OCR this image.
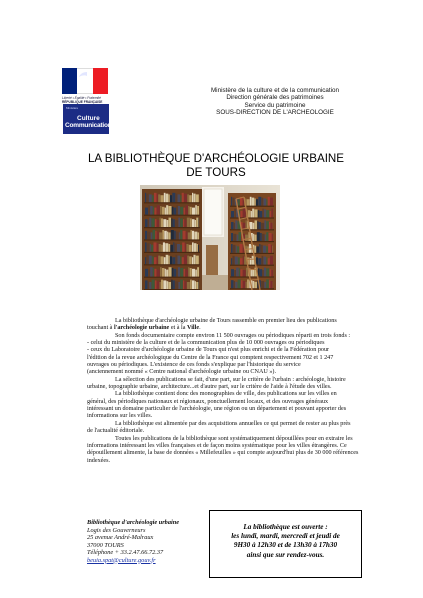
Liberté • Égalité • Fraternité
RÉPUBLIQUE FRANÇAISE
Ministère
Culture
Communication
Ministère de la culture et de la communication
Direction générale des patrimoines
Service du patrimoine
SOUS-DIRECTION DE L'ARCHEOLOGIE
LA BIBLIOTHÈQUE D'ARCHÉOLOGIE URBAINE
DE TOURS

La bibliothèque d'archéologie urbaine de Tours rassemble en premier lieu des publications

touchant à l'archéologie urbaine et à la Ville.

Son fonds documentaire compte environ 11 500 ouvrages ou périodiques réparti en trois fonds :

- celui du ministère de la culture et de la communication plus de 10 000 ouvrages ou périodiques

- ceux du Laboratoire d'archéologie urbaine de Tours qui n'est plus enrichi et de la Fédération pour

l'édition de la revue archéologique du Centre de la France qui comptent respectivement 702 et 1 247

ouvrages ou périodiques. L'existence de ces fonds s'explique par l'historique du service

(anciennement nommé « Centre national d'archéologie urbaine ou CNAU »).

La sélection des publications se fait, d'une part, sur le critère de l'urbain : archéologie, histoire

urbaine, topographie urbaine, architecture...et d'autre part, sur le critère de l'aide à l'étude des villes.

La bibliothèque contient donc des monographies de ville, des publications sur les villes en

général, des périodiques nationaux et régionaux, ponctuellement locaux, et des ouvrages généraux

intéressant un domaine particulier de l'archéologie, une région ou un département et pouvant apporter des

informations sur les villes.

La bibliothèque est alimentée par des acquisitions annuelles ce qui permet de rester au plus près

de l'actualité éditoriale.

Toutes les publications de la bibliothèque sont systématiquement dépouillées pour en extraire les

informations intéressant les villes françaises et de façon moins systématique pour les villes étrangères. Ce

dépouillement alimente, la base de données « Millefeuilles » qui compte aujourd'hui plus de 30 000 références

indexées.

Bibliothèque d'archéologie urbaine
Logis des Gouverneurs
25 avenue André-Malraux
37000 TOURS
Téléphone + 33.2.47.66.72.37
beuia.spat@culture.gouv.fr
La bibliothèque est ouverte :
les lundi, mardi, mercredi et jeudi de
9H30 à 12h30 et de 13h30 à 17h30
ainsi que sur rendez-vous.
